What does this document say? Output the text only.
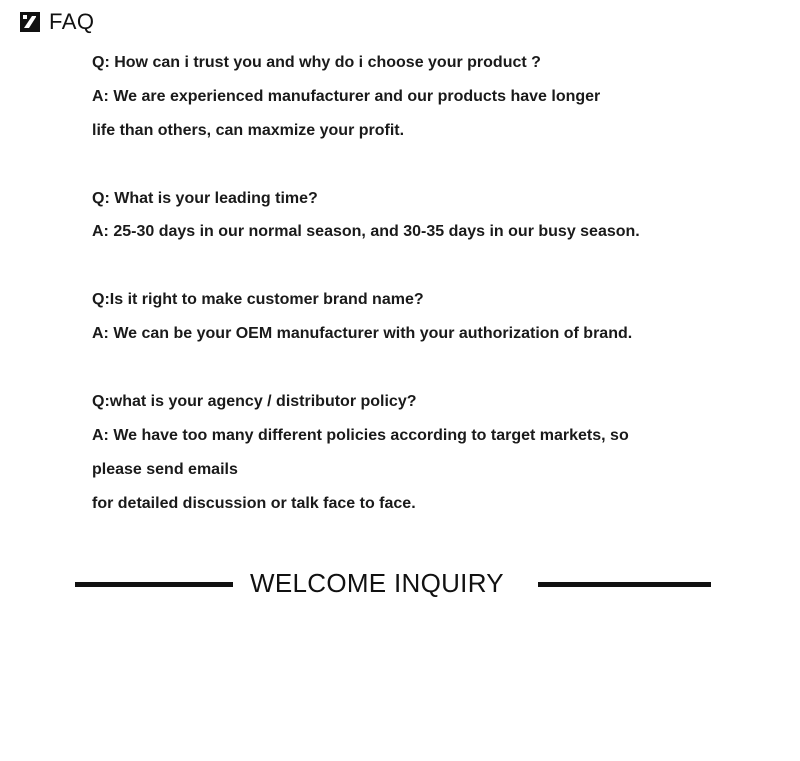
FAQ
Q: How can i trust you and why do i choose your product ?
A: We are experienced manufacturer and our products have longer
life than others, can maxmize your profit.
Q: What is your leading time?
A: 25-30 days in our normal season, and 30-35 days in our busy season.
Q:Is it right to make customer brand name?
A: We can be your OEM manufacturer with your authorization of brand.
Q:what is your agency / distributor policy?
A: We have too many different policies according to target markets, so
please send emails
for detailed discussion or talk face to face.
WELCOME INQUIRY
